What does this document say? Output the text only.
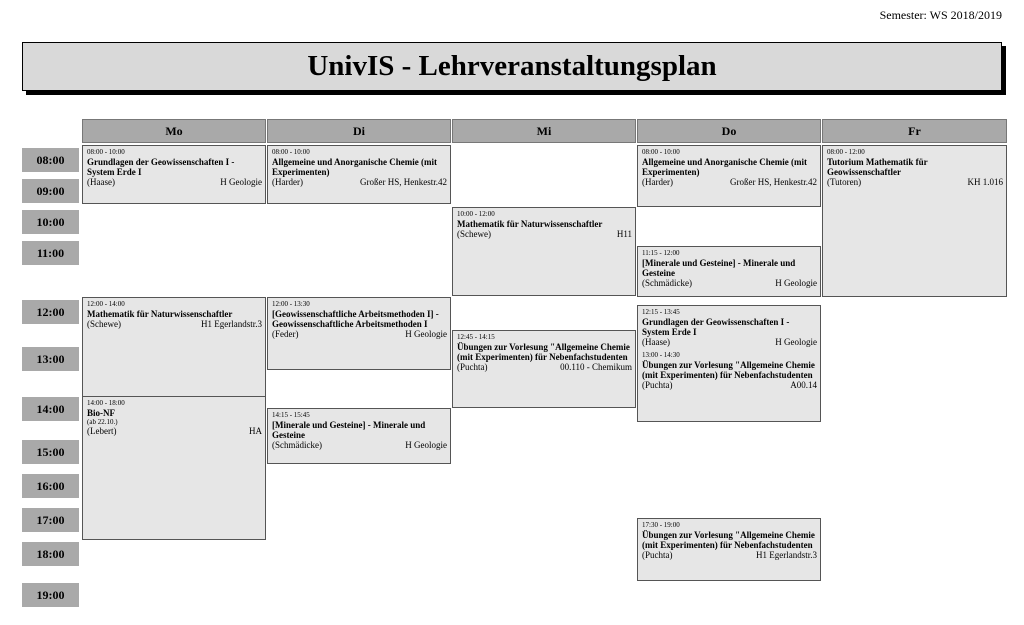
Semester: WS 2018/2019
UnivIS - Lehrveranstaltungsplan
Mo	Di	Mi	Do	Fr
08:00
09:00
10:00
11:00
12:00
13:00
14:00
15:00
16:00
17:00
18:00
19:00
08:00 - 10:00
Grundlagen der Geowissenschaften I - System Erde I
(Haase)	H Geologie
12:00 - 14:00
Mathematik für Naturwissenschaftler
(Schewe)	H1 Egerlandstr.3
14:00 - 18:00
Bio-NF
(ab 22.10.)
(Lebert)	HA
08:00 - 10:00
Allgemeine und Anorganische Chemie (mit Experimenten)
(Harder)	Großer HS, Henkestr.42
12:00 - 13:30
[Geowissenschaftliche Arbeitsmethoden I] - Geowissenschaftliche Arbeitsmethoden I
(Feder)	H Geologie
14:15 - 15:45
[Minerale und Gesteine] - Minerale und Gesteine
(Schmädicke)	H Geologie
10:00 - 12:00
Mathematik für Naturwissenschaftler
(Schewe)	H11
12:45 - 14:15
Übungen zur Vorlesung "Allgemeine Chemie (mit Experimenten) für Nebenfachstudenten
(Puchta)	00.110 - Chemikum
08:00 - 10:00
Allgemeine und Anorganische Chemie (mit Experimenten)
(Harder)	Großer HS, Henkestr.42
11:15 - 12:00
[Minerale und Gesteine] - Minerale und Gesteine
(Schmädicke)	H Geologie
12:15 - 13:45
Grundlagen der Geowissenschaften I - System Erde I
(Haase)	H Geologie
13:00 - 14:30
Übungen zur Vorlesung "Allgemeine Chemie (mit Experimenten) für Nebenfachstudenten
(Puchta)	A00.14
17:30 - 19:00
Übungen zur Vorlesung "Allgemeine Chemie (mit Experimenten) für Nebenfachstudenten
(Puchta)	H1 Egerlandstr.3
08:00 - 12:00
Tutorium Mathematik für Geowissenschaftler
(Tutoren)	KH 1.016
